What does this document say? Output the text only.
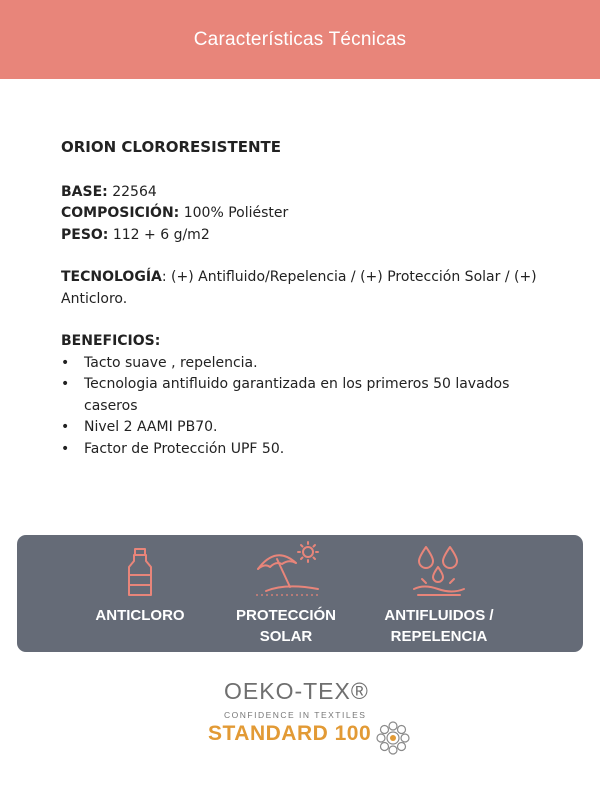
Características Técnicas

ORION CLORORESISTENTE

BASE: 22564

COMPOSICIÓN: 100% Poliéster

PESO: 112 + 6 g/m2

TECNOLOGÍA: (+) Antifluido/Repelencia / (+) Protección Solar / (+) Anticloro.

BENEFICIOS:

• Tacto suave , repelencia.
• Tecnologia antifluido garantizada en los primeros 50 lavados caseros
• Nivel 2 AAMI PB70.
• Factor de Protección UPF 50.
ANTICLORO	PROTECCIÓN SOLAR
ANTIFLUIDOS / REPELENCIA
OEKO-TEX®
CONFIDENCE IN TEXTILES
STANDARD 100
